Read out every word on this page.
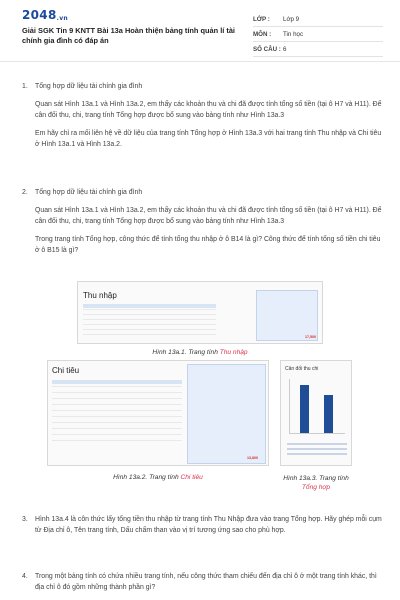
2048.vn
Giải SGK Tin 9 KNTT Bài 13a Hoàn thiện bảng tính quản lí tài chính gia đình có đáp án
LỚP :	Lớp 9
MÔN :	Tin học
SỐ CÂU : 6
1. Tổng hợp dữ liệu tài chính gia đình

Quan sát Hình 13a.1 và Hình 13a.2, em thấy các khoản thu và chi đã được tính tổng số tiền (tại ô H7 và H11). Để cân đối thu, chi, trang tính Tổng hợp được bổ sung vào bảng tính như Hình 13a.3

Em hãy chỉ ra mối liên hệ về dữ liệu của trang tính Tổng hợp ở Hình 13a.3 với hai trang tính Thu nhập và Chi tiêu ở Hình 13a.1 và Hình 13a.2.

2. Tổng hợp dữ liệu tài chính gia đình

Quan sát Hình 13a.1 và Hình 13a.2, em thấy các khoản thu và chi đã được tính tổng số tiền (tại ô H7 và H11). Để cân đối thu, chi, trang tính Tổng hợp được bổ sung vào bảng tính như Hình 13a.3

Trong trang tính Tổng hợp, công thức để tính tổng thu nhập ở ô B14 là gì? Công thức để tính tổng số tiền chi tiêu ở ô B15 là gì?

Thu nhập
17,500
Hình 13a.1. Trang tính Thu nhập
Chi tiêu
13,800
Hình 13a.2. Trang tính Chi tiêu
Cân đối thu chi
Hình 13a.3. Trang tính Tổng hợp
3. Hình 13a.4 là côn thức lấy tổng tiền thu nhập từ trang tính Thu Nhập đưa vào trang Tổng hợp. Hãy ghép mỗi cụm từ Địa chỉ ô, Tên trang tính, Dấu chấm than vào vị trí tương ứng sao cho phù hợp.

4. Trong một bảng tính có chứa nhiều trang tính, nếu công thức tham chiếu đến địa chỉ ô ở một trang tính khác, thì địa chỉ ô đó gồm những thành phần gì?
